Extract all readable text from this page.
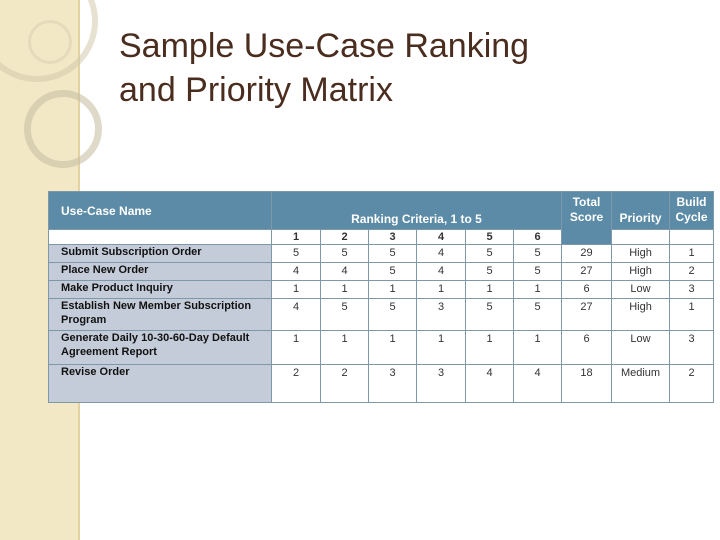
Sample Use-Case Ranking
and Priority Matrix
Use-Case Name	Ranking Criteria, 1 to 5						Total Score	Priority	Build Cycle
	1	2	3	4	5	6			
Submit Subscription Order	5	5	5	4	5	5	29	High	1
Place New Order	4	4	5	4	5	5	27	High	2
Make Product Inquiry	1	1	1	1	1	1	6	Low	3
Establish New Member Subscription Program	4	5	5	3	5	5	27	High	1
Generate Daily 10-30-60-Day Default Agreement Report	1	1	1	1	1	1	6	Low	3
Revise Order	2	2	3	3	4	4	18	Medium	2
